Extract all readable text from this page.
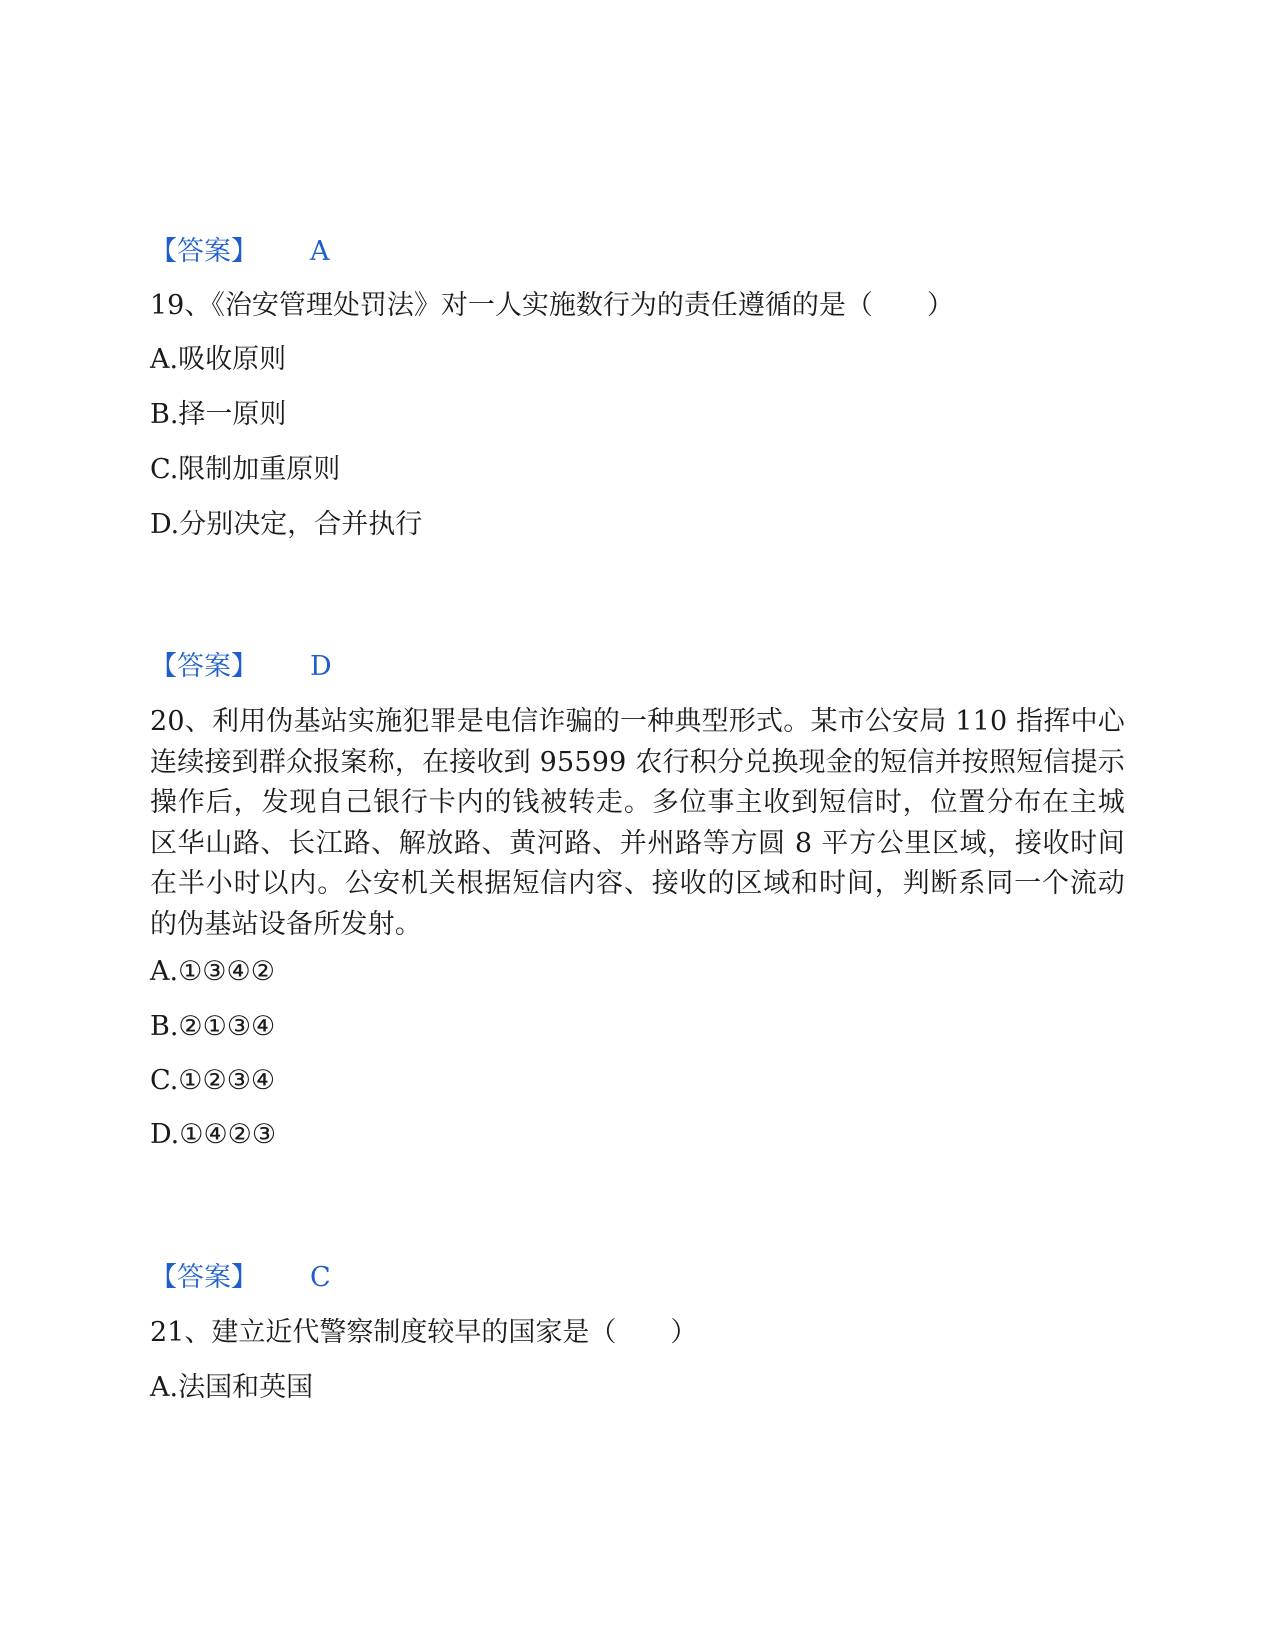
【答案】 A
19、《治安管理处罚法》对一人实施数行为的责任遵循的是（　　）
A.吸收原则
B.择一原则
C.限制加重原则
D.分别决定，合并执行
【答案】 D
20、利用伪基站实施犯罪是电信诈骗的一种典型形式。某市公安局 110 指挥中心连续接到群众报案称，在接收到 95599 农行积分兑换现金的短信并按照短信提示操作后，发现自己银行卡内的钱被转走。多位事主收到短信时，位置分布在主城区华山路、长江路、解放路、黄河路、并州路等方圆 8 平方公里区域，接收时间在半小时以内。公安机关根据短信内容、接收的区域和时间，判断系同一个流动的伪基站设备所发射。
A.①③④②
B.②①③④
C.①②③④
D.①④②③
【答案】 C
21、建立近代警察制度较早的国家是（　　）
A.法国和英国
